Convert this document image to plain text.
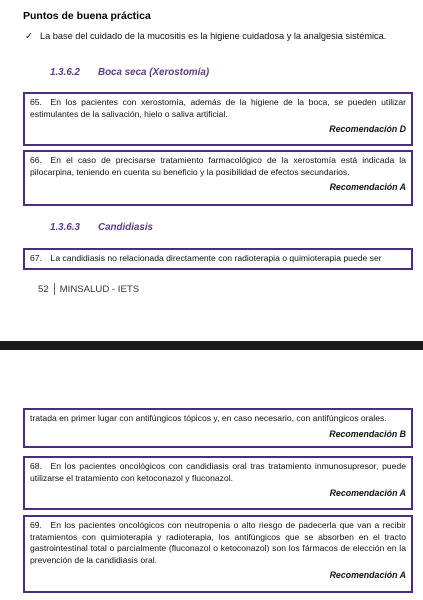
Puntos de buena práctica
✓ La base del cuidado de la mucositis es la higiene cuidadosa y la analgesia sistémica.
1.3.6.2 Boca seca (Xerostomía)
65. En los pacientes con xerostomía, además de la higiene de la boca, se pueden utilizar estimulantes de la salivación, hielo o saliva artificial.
Recomendación D
66. En el caso de precisarse tratamiento farmacológico de la xerostomía está indicada la pilocarpina, teniendo en cuenta su beneficio y la posibilidad de efectos secundarios.
Recomendación A
1.3.6.3 Candidiasis
67. La candidiasis no relacionada directamente con radioterapia o quimioterapia puede ser
52	MINSALUD - IETS
tratada en primer lugar con antifúngicos tópicos y, en caso necesario, con antifúngicos orales.
Recomendación B
68. En los pacientes oncológicos con candidiasis oral tras tratamiento inmunosupresor, puede utilizarse el tratamiento con ketoconazol y fluconazol.
Recomendación A
69. En los pacientes oncológicos con neutropenia o alto riesgo de padecerla que van a recibir tratamientos con quimioterapia y radioterapia, los antifúngicos que se absorben en el tracto gastrointestinal total o parcialmente (fluconazol o ketoconazol) son los fármacos de elección en la prevención de la candidiasis oral.
Recomendación A
